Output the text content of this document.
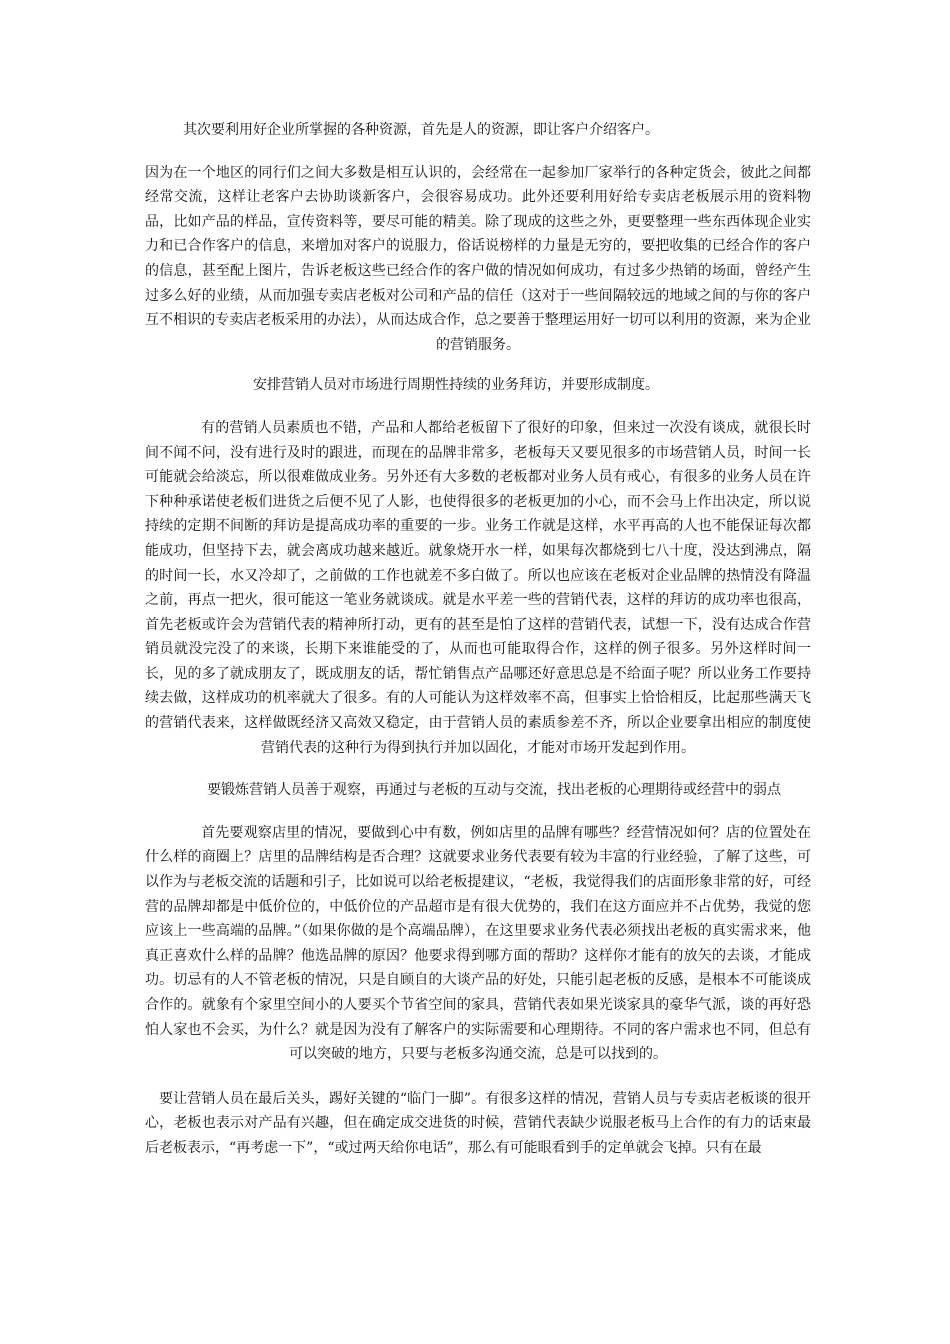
其次要利用好企业所掌握的各种资源，首先是人的资源，即让客户介绍客户。

因为在一个地区的同行们之间大多数是相互认识的，会经常在一起参加厂家举行的各种定货会，彼此之间都经常交流，这样让老客户去协助谈新客户，会很容易成功。此外还要利用好给专卖店老板展示用的资料物品，比如产品的样品，宣传资料等，要尽可能的精美。除了现成的这些之外，更要整理一些东西体现企业实力和已合作客户的信息，来增加对客户的说服力，俗话说榜样的力量是无穷的，要把收集的已经合作的客户的信息，甚至配上图片，告诉老板这些已经合作的客户做的情况如何成功，有过多少热销的场面，曾经产生过多么好的业绩，从而加强专卖店老板对公司和产品的信任（这对于一些间隔较远的地域之间的与你的客户互不相识的专卖店老板采用的办法），从而达成合作，总之要善于整理运用好一切可以利用的资源，来为企业的营销服务。

安排营销人员对市场进行周期性持续的业务拜访，并要形成制度。

有的营销人员素质也不错，产品和人都给老板留下了很好的印象，但来过一次没有谈成，就很长时间不闻不问，没有进行及时的跟进，而现在的品牌非常多，老板每天又要见很多的市场营销人员，时间一长可能就会给淡忘，所以很难做成业务。另外还有大多数的老板都对业务人员有戒心，有很多的业务人员在许下种种承诺使老板们进货之后便不见了人影，也使得很多的老板更加的小心，而不会马上作出决定，所以说持续的定期不间断的拜访是提高成功率的重要的一步。业务工作就是这样，水平再高的人也不能保证每次都能成功，但坚持下去，就会离成功越来越近。就象烧开水一样，如果每次都烧到七八十度，没达到沸点，隔的时间一长，水又冷却了，之前做的工作也就差不多白做了。所以也应该在老板对企业品牌的热情没有降温之前，再点一把火，很可能这一笔业务就谈成。就是水平差一些的营销代表，这样的拜访的成功率也很高，首先老板或许会为营销代表的精神所打动，更有的甚至是怕了这样的营销代表，试想一下，没有达成合作营销员就没完没了的来谈，长期下来谁能受的了，从而也可能取得合作，这样的例子很多。另外这样时间一长，见的多了就成朋友了，既成朋友的话，帮忙销售点产品哪还好意思总是不给面子呢？所以业务工作要持续去做，这样成功的机率就大了很多。有的人可能认为这样效率不高，但事实上恰恰相反，比起那些满天飞的营销代表来，这样做既经济又高效又稳定，由于营销人员的素质参差不齐，所以企业要拿出相应的制度使营销代表的这种行为得到执行并加以固化，才能对市场开发起到作用。

要锻炼营销人员善于观察，再通过与老板的互动与交流，找出老板的心理期待或经营中的弱点

首先要观察店里的情况，要做到心中有数，例如店里的品牌有哪些？经营情况如何？店的位置处在什么样的商圈上？店里的品牌结构是否合理？这就要求业务代表要有较为丰富的行业经验，了解了这些，可以作为与老板交流的话题和引子，比如说可以给老板提建议，“老板，我觉得我们的店面形象非常的好，可经营的品牌却都是中低价位的，中低价位的产品超市是有很大优势的，我们在这方面应并不占优势，我觉的您应该上一些高端的品牌。”（如果你做的是个高端品牌），在这里要求业务代表必须找出老板的真实需求来，他真正喜欢什么样的品牌？他选品牌的原因？他要求得到哪方面的帮助？这样你才能有的放矢的去谈，才能成功。切忌有的人不管老板的情况，只是自顾自的大谈产品的好处，只能引起老板的反感，是根本不可能谈成合作的。就象有个家里空间小的人要买个节省空间的家具，营销代表如果光谈家具的豪华气派，谈的再好恐怕人家也不会买，为什么？就是因为没有了解客户的实际需要和心理期待。不同的客户需求也不同，但总有可以突破的地方，只要与老板多沟通交流，总是可以找到的。

要让营销人员在最后关头，踢好关键的“临门一脚”。有很多这样的情况，营销人员与专卖店老板谈的很开心，老板也表示对产品有兴趣，但在确定成交进货的时候，营销代表缺少说服老板马上合作的有力的话束最后老板表示，“再考虑一下”，“或过两天给你电话”，那么有可能眼看到手的定单就会飞掉。只有在最
